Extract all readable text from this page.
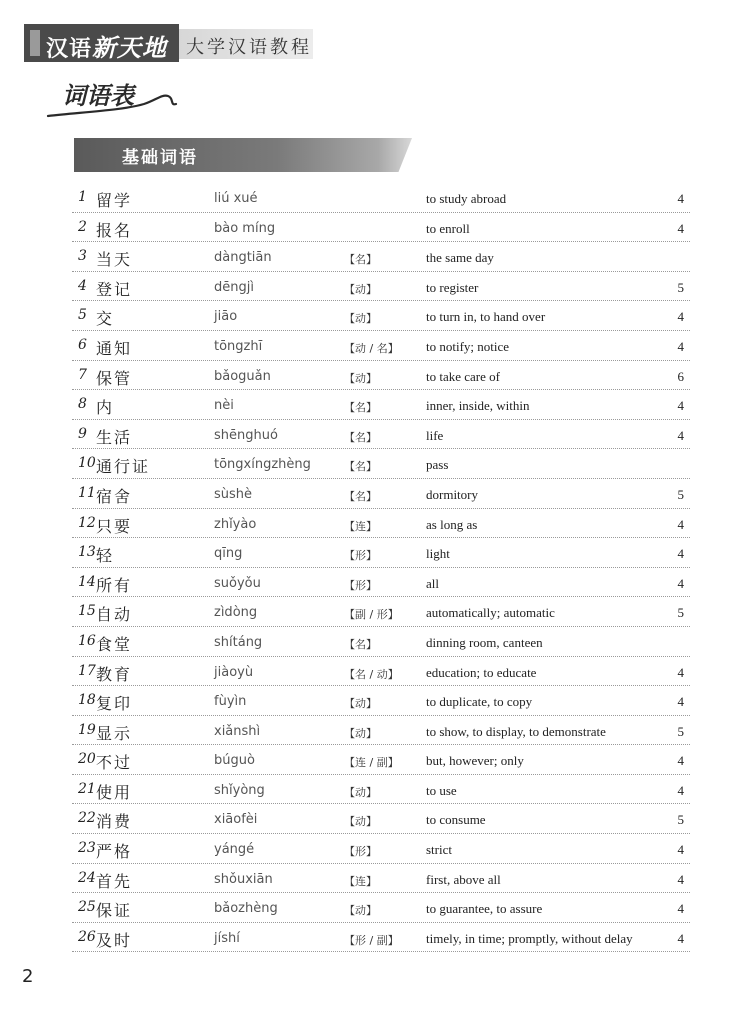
汉语新天地 大学汉语教程
词语表
基础词语
1 留学	liú xué	to study abroad	4
2 报名	bào míng	to enroll	4
3 当天	dàngtiān	【名】	the same day
4 登记	dēngjì	【动】	to register	5
5 交	jiāo	【动】	to turn in, to hand over	4
6 通知	tōngzhī	【动 / 名】 to notify; notice	4
7 保管	bǎoguǎn	【动】	to take care of	6
8 内	nèi	【名】	inner, inside, within	4
9 生活	shēnghuó	【名】	life	4
10 通行证	tōngxíngzhèng	【名】	pass
11 宿舍	sùshè	【名】	dormitory	5
12 只要	zhǐyào	【连】	as long as	4
13 轻	qīng	【形】	light	4
14 所有	suǒyǒu	【形】	all	4
15 自动	zìdòng	【副 / 形】 automatically; automatic	5
16 食堂	shítáng	【名】	dinning room, canteen
17 教育	jiàoyù	【名 / 动】 education; to educate	4
18 复印	fùyìn	【动】	to duplicate, to copy	4
19 显示	xiǎnshì	【动】	to show, to display, to demonstrate	5
20 不过	búguò	【连 / 副】 but, however; only	4
21 使用	shǐyòng	【动】	to use	4
22 消费	xiāofèi	【动】	to consume	5
23 严格	yángé	【形】	strict	4
24 首先	shǒuxiān	【连】	first, above all	4
25 保证	bǎozhèng	【动】	to guarantee, to assure	4
26 及时	jíshí	【形 / 副】 timely, in time; promptly, without delay	4
2
